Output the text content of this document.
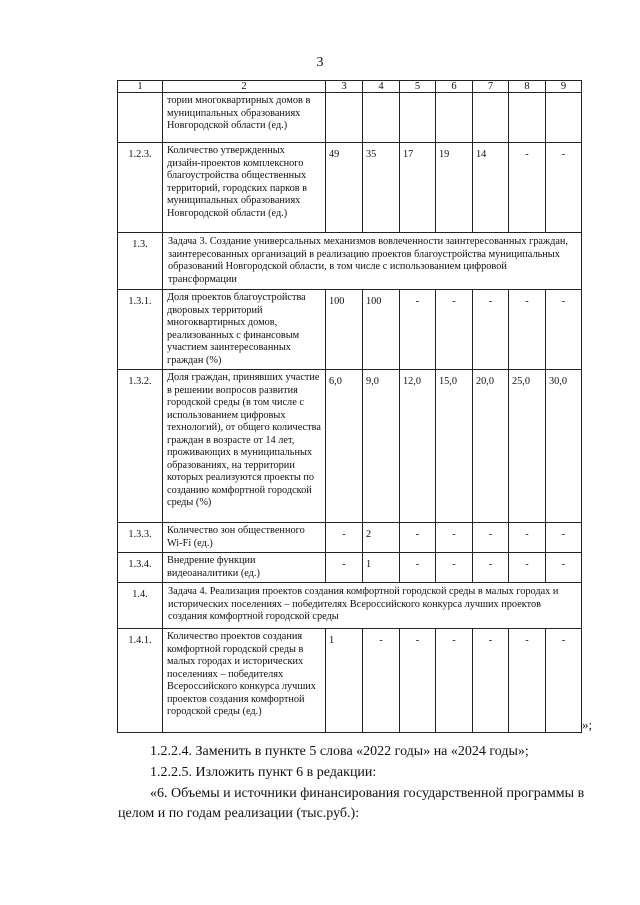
3
1	2	3	4	5	6	7	8	9
	тории многоквартирных домов в муниципальных образованиях Новгородской области (ед.)							
1.2.3.	Количество утвержденных дизайн-проектов комплексного благоустройства общественных территорий, городских парков в муниципальных образованиях Новгородской области (ед.)	49	35	17	19	14	-	-
1.3.	Задача 3. Создание универсальных механизмов вовлеченности заинтересованных граждан, заинтересованных организаций в реализацию проектов благоустройства муниципальных образований Новгородской области, в том числе с использованием цифровой трансформации							
1.3.1.	Доля проектов благоустройства дворовых территорий многоквартирных домов, реализованных с финансовым участием заинтересованных граждан (%)	100	100	-	-	-	-	-
1.3.2.	Доля граждан, принявших участие в решении вопросов развития городской среды (в том числе с использованием цифровых технологий), от общего количества граждан в возрасте от 14 лет, проживающих в муниципальных образованиях, на территории которых реализуются проекты по созданию комфортной городской среды (%)	6,0	9,0	12,0	15,0	20,0	25,0	30,0
1.3.3.	Количество зон общественного Wi-Fi (ед.)	-	2	-	-	-	-	-
1.3.4.	Внедрение функции видеоаналитики (ед.)	-	1	-	-	-	-	-
1.4.	Задача 4. Реализация проектов создания комфортной городской среды в малых городах и исторических поселениях – победителях Всероссийского конкурса лучших проектов создания комфортной городской среды							
1.4.1.	Количество проектов создания комфортной городской среды в малых городах и исторических поселениях – победителях Всероссийского конкурса лучших проектов создания комфортной городской среды (ед.)	1	-	-	-	-	-	-
»;
1.2.2.4. Заменить в пункте 5 слова «2022 годы» на «2024 годы»;
1.2.2.5. Изложить пункт 6 в редакции:
«6. Объемы и источники финансирования государственной программы в целом и по годам реализации (тыс.руб.):
